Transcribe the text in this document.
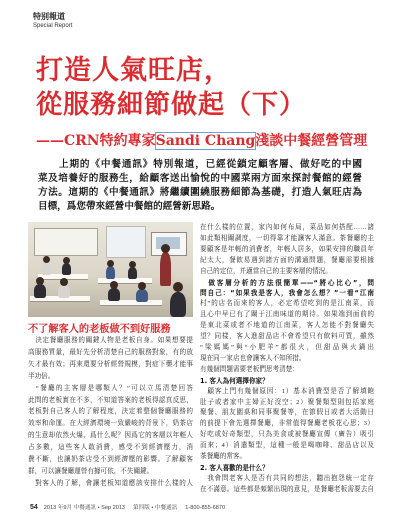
特别報道
Special Report
打造人氣旺店，
從服務細節做起（下）
——CRN特約專家Sandi Chang淺談中餐經營管理
　　上期的《中餐通訊》特別報道，已經從鎖定顧客層、做好吃的中國
菜及培養好的服務生，給顧客送出愉悅的中國菜兩方面來探討餐館的經營
方法。這期的《中餐通訊》將繼續圍繞服務細節為基礎，打造人氣旺店為
目標，爲您帶來經營中餐館的經營新思路。
不了解客人的老板做不到好服務
　決定餐廳服務的關鍵人物是老板自身。如果想要提
高服務質量，最好先分析清楚自己的服務對象，有的放
矢才最有效；再來還要分析經營規模，對症下藥才能事
半功倍。
　“餐廳的主客層是哪類人？”可以立馬清楚回答
此問的老板實在不多，不知道答案的老板得認真反思，
老板對自己客人的了解程度，決定着整個餐廳服務的
效率和命運。在大經濟環境一致嚴峻的背景下，奶茶店
的生意却依然火爆，爲什么呢？因爲它的客層以年輕人
占多數，這些客人敢消費，感受不到經濟壓力，消
費不斷，也讓奶茶店受不到經濟壓的影響。了解顧客
群，可以讓餐廳運營有據可依，不失關鍵。
　對客人的了解，會讓老板知道應該安排什么樣的人
在什么樣的位置，家內如何布局，菜品如何搭配……諸
如此類相關調度，一切得靠才能讓客人滿意。茶餐廳的主
要顧客是年輕的消費者，年輕人居多，如果安排的職員年
紀太大，餐飲易遇到諸方面的溝通問題，餐廳需要根據
自己的定位，并適當自己的主要客層的情況。
　做客層分析的方法很簡單——“將心比心”，問
問自己：“如果我是客人，我會怎么想？”一看“江南
村”的店名而來的客人，必定希望吃到的是江南菜，而
且心中早已有了關于江南味道的期待。如果端到面前的
是東北菜或者不地道的江南菜，客人怎能不對餐廳失
望？同樣，客人進甜品店不會希望只有飲料可買，雖然
“梁媽媽”與“小肥羊”都很火，但甜品與火鍋出
現在同一家店也會讓客人不知所措。
有幾個問題需要老板們思考清楚：
1. 客人為何選擇你家？
　顧客上門有幾個原因：1）基本消費型是否了解填飽
肚子或者家中主婦正好沒空；2）聚餐類型則包括家庭
聚餐、朋友圍桌和同事聚餐等，在節假日或者大活動日
的前提下會先選擇餐廳，非常值得餐廳老板花心思；3）
好吃或好奇類型，只為美食或被餐廳宣傳（廣告）吸引
而來；4）消遣類型，這種一般是喝咖啡、甜品店以及
茶餐廳的常客。
2. 客人喜歡的是什么？
　我會問老客人是否有共同的想法，聽出抱怨統一定存
在不滿意。這些都是頻繁出現的意見，是餐廳老板需要去自
54 2013 年9月 中餐通訊 • Sep 2013 第四版 • 中餐通訊 1-800-855-6870
